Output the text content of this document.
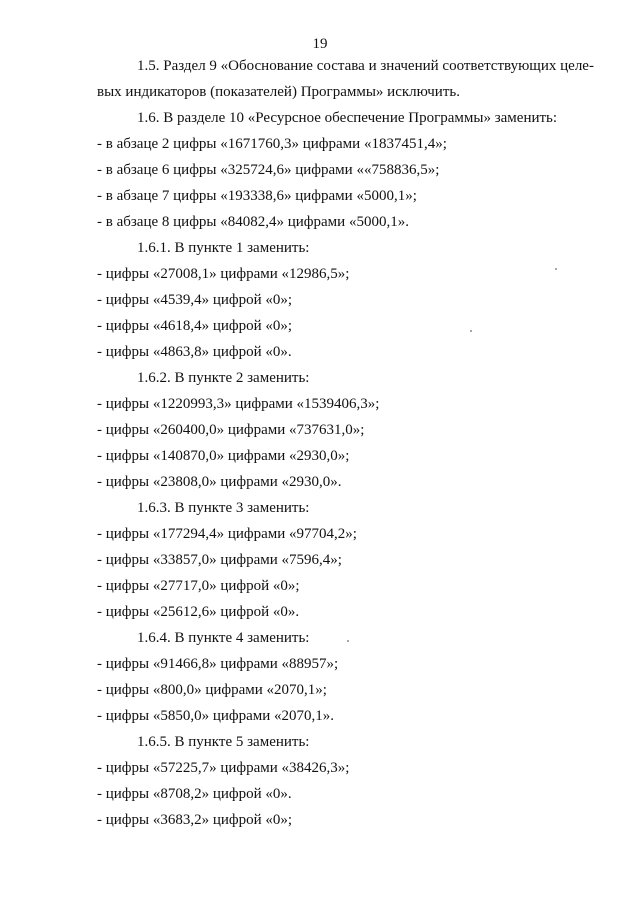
19
1.5. Раздел 9 «Обоснование состава и значений соответствующих целе-
вых индикаторов (показателей) Программы» исключить.
1.6. В разделе 10 «Ресурсное обеспечение Программы» заменить:
- в абзаце 2 цифры «1671760,3» цифрами «1837451,4»;
- в абзаце 6 цифры «325724,6» цифрами ««758836,5»;
- в абзаце 7 цифры «193338,6» цифрами «5000,1»;
- в абзаце 8 цифры «84082,4» цифрами «5000,1».
1.6.1. В пункте 1 заменить:
- цифры «27008,1» цифрами «12986,5»;
- цифры «4539,4» цифрой «0»;
- цифры «4618,4» цифрой «0»;
- цифры «4863,8» цифрой «0».
1.6.2. В пункте 2 заменить:
- цифры «1220993,3» цифрами «1539406,3»;
- цифры «260400,0» цифрами «737631,0»;
- цифры «140870,0» цифрами «2930,0»;
- цифры «23808,0» цифрами «2930,0».
1.6.3. В пункте 3 заменить:
- цифры «177294,4» цифрами «97704,2»;
- цифры «33857,0» цифрами «7596,4»;
- цифры «27717,0» цифрой «0»;
- цифры «25612,6» цифрой «0».
1.6.4. В пункте 4 заменить:
- цифры «91466,8» цифрами «88957»;
- цифры «800,0» цифрами «2070,1»;
- цифры «5850,0» цифрами «2070,1».
1.6.5. В пункте 5 заменить:
- цифры «57225,7» цифрами «38426,3»;
- цифры «8708,2» цифрой «0».
- цифры «3683,2» цифрой «0»;
